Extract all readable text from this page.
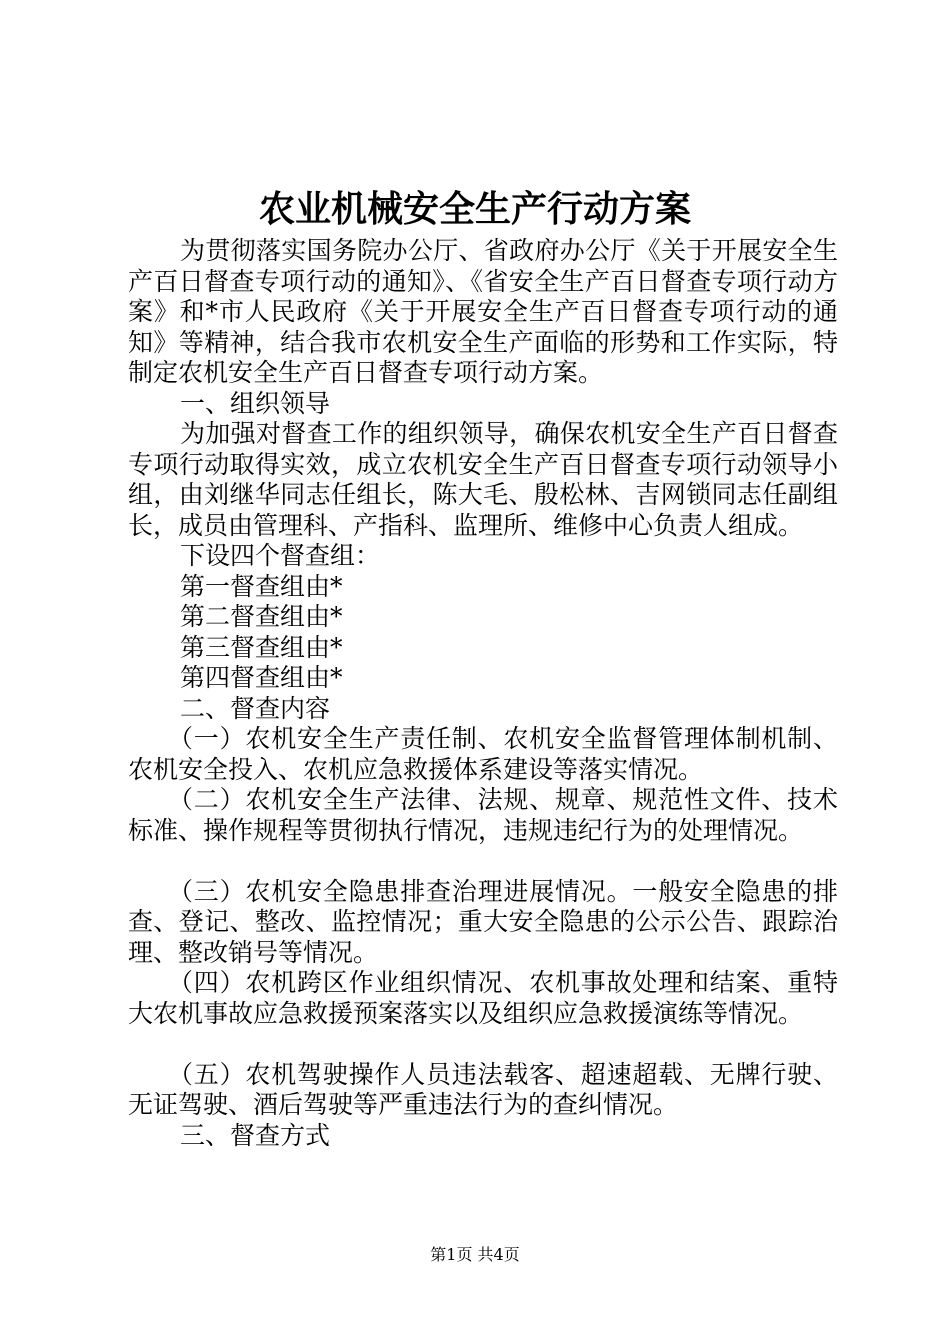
农业机械安全生产行动方案

为贯彻落实国务院办公厅、省政府办公厅《关于开展安全生产百日督查专项行动的通知》、《省安全生产百日督查专项行动方案》和*市人民政府《关于开展安全生产百日督查专项行动的通知》等精神，结合我市农机安全生产面临的形势和工作实际，特制定农机安全生产百日督查专项行动方案。

一、组织领导

为加强对督查工作的组织领导，确保农机安全生产百日督查专项行动取得实效，成立农机安全生产百日督查专项行动领导小组，由刘继华同志任组长，陈大毛、殷松林、吉网锁同志任副组长，成员由管理科、产指科、监理所、维修中心负责人组成。

下设四个督查组：

第一督查组由*

第二督查组由*

第三督查组由*

第四督查组由*

二、督查内容

（一）农机安全生产责任制、农机安全监督管理体制机制、农机安全投入、农机应急救援体系建设等落实情况。

（二）农机安全生产法律、法规、规章、规范性文件、技术标准、操作规程等贯彻执行情况，违规违纪行为的处理情况。

（三）农机安全隐患排查治理进展情况。一般安全隐患的排查、登记、整改、监控情况；重大安全隐患的公示公告、跟踪治理、整改销号等情况。

（四）农机跨区作业组织情况、农机事故处理和结案、重特大农机事故应急救援预案落实以及组织应急救援演练等情况。

（五）农机驾驶操作人员违法载客、超速超载、无牌行驶、无证驾驶、酒后驾驶等严重违法行为的查纠情况。

三、督查方式

第1页 共4页
